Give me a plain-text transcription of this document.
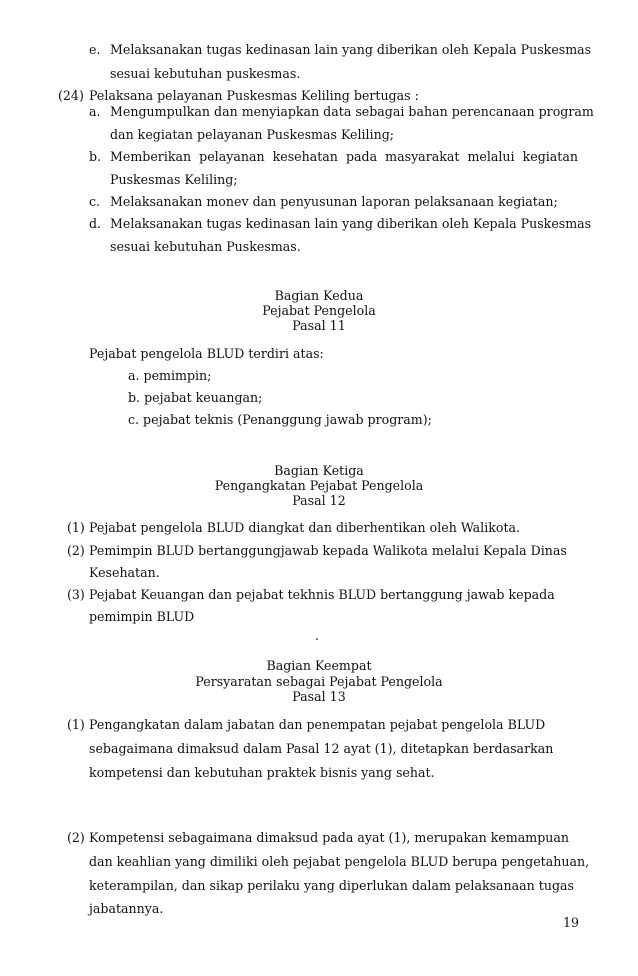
e. Melaksanakan tugas kedinasan lain yang diberikan oleh Kepala Puskesmas
sesuai kebutuhan puskesmas.
(24) Pelaksana pelayanan Puskesmas Keliling bertugas :
a. Mengumpulkan dan menyiapkan data sebagai bahan perencanaan program
dan kegiatan pelayanan Puskesmas Keliling;
b. Memberikan pelayanan kesehatan pada masyarakat melalui kegiatan
Puskesmas Keliling;
c. Melaksanakan monev dan penyusunan laporan pelaksanaan kegiatan;
d. Melaksanakan tugas kedinasan lain yang diberikan oleh Kepala Puskesmas
sesuai kebutuhan Puskesmas.
Bagian Kedua
Pejabat Pengelola
Pasal 11
Pejabat pengelola BLUD terdiri atas:
a. pemimpin;
b. pejabat keuangan;
c. pejabat teknis (Penanggung jawab program);
Bagian Ketiga
Pengangkatan Pejabat Pengelola
Pasal 12
(1) Pejabat pengelola BLUD diangkat dan diberhentikan oleh Walikota.
(2) Pemimpin BLUD bertanggungjawab kepada Walikota melalui Kepala Dinas
Kesehatan.
(3) Pejabat Keuangan dan pejabat tekhnis BLUD bertanggung jawab kepada
pemimpin BLUD
.
Bagian Keempat
Persyaratan sebagai Pejabat Pengelola
Pasal 13
(1) Pengangkatan dalam jabatan dan penempatan pejabat pengelola BLUD
sebagaimana dimaksud dalam Pasal 12 ayat (1), ditetapkan berdasarkan
kompetensi dan kebutuhan praktek bisnis yang sehat.
(2) Kompetensi sebagaimana dimaksud pada ayat (1), merupakan kemampuan
dan keahlian yang dimiliki oleh pejabat pengelola BLUD berupa pengetahuan,
keterampilan, dan sikap perilaku yang diperlukan dalam pelaksanaan tugas
jabatannya.
19
